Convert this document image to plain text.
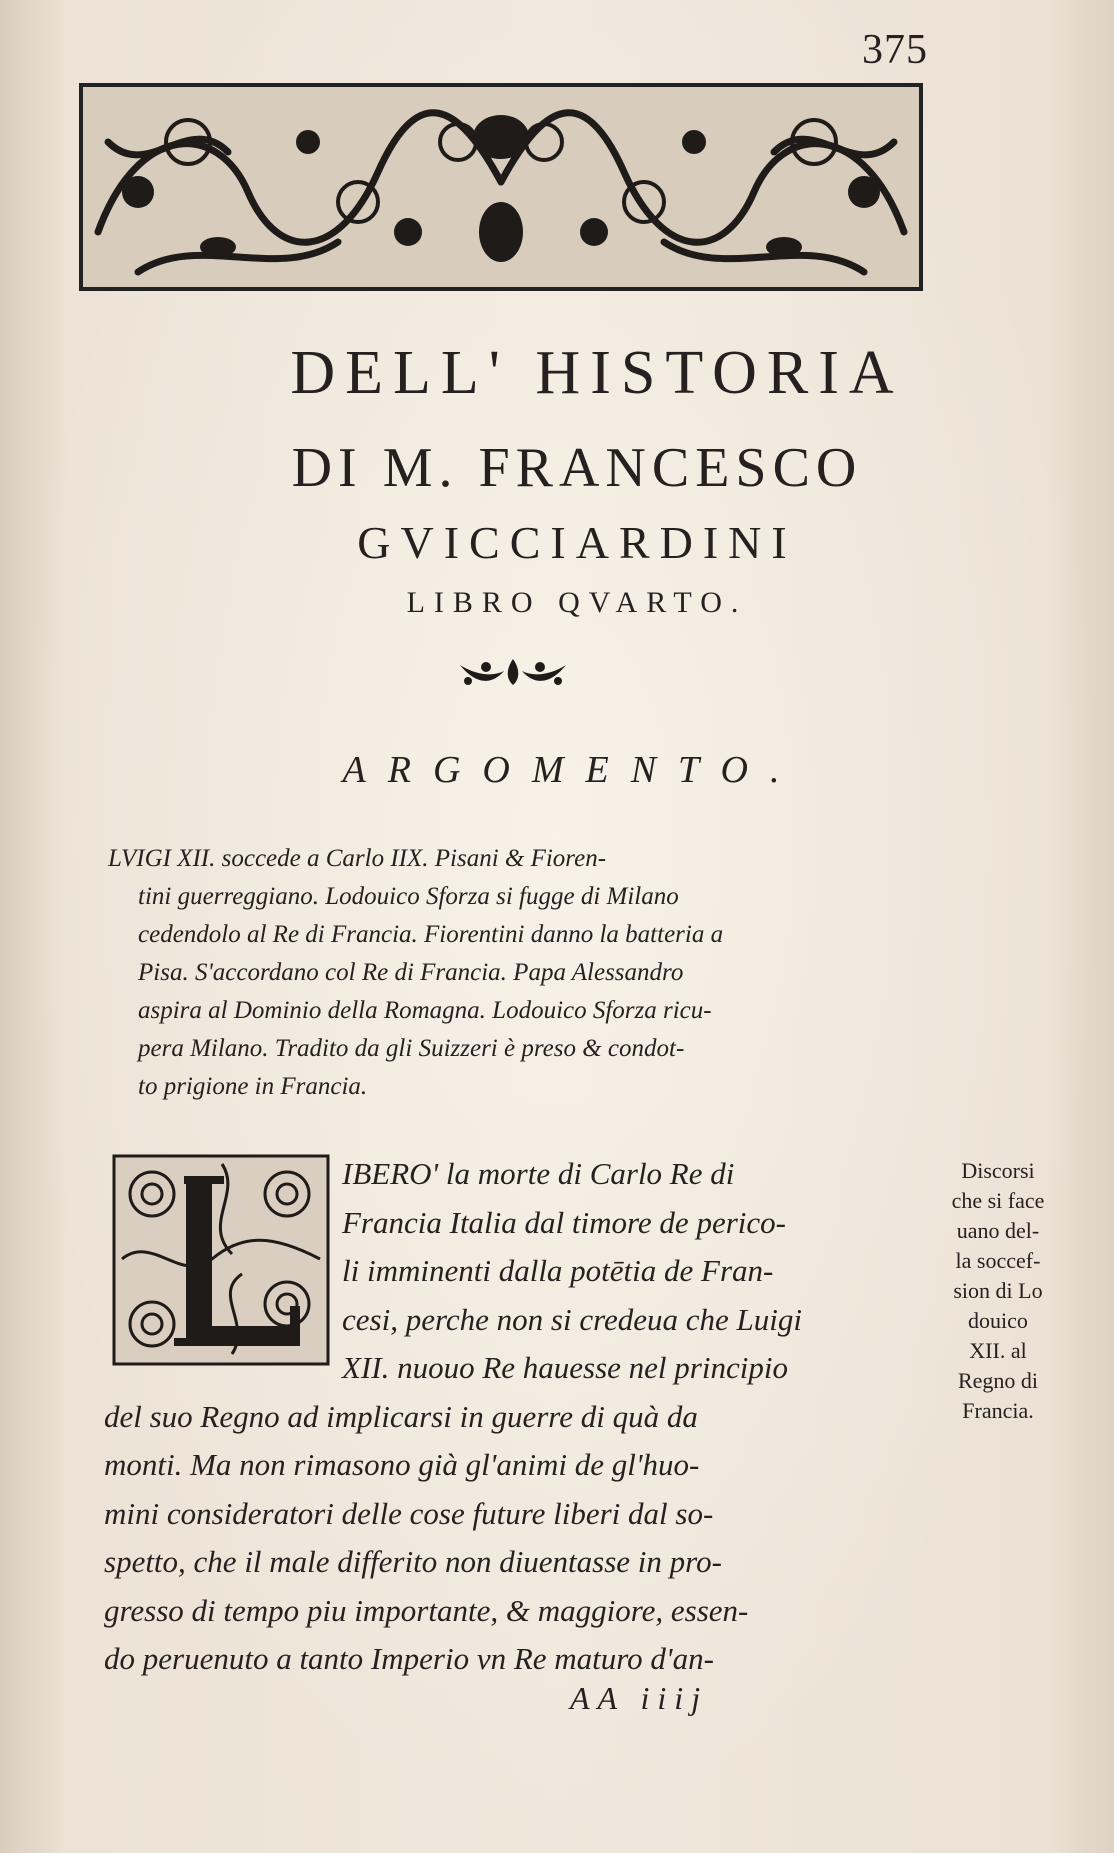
375
DELL' HISTORIA
DI M. FRANCESCO
GVICCIARDINI
LIBRO QVARTO.
ARGOMENTO.
LVIGI XII. soccede a Carlo IIX. Pisani & Fioren-
tini guerreggiano. Lodouico Sforza si fugge di Milano
cedendolo al Re di Francia. Fiorentini danno la batteria a
Pisa. S'accordano col Re di Francia. Papa Alessandro
aspira al Dominio della Romagna. Lodouico Sforza ricu-
pera Milano. Tradito da gli Suizzeri è preso & condot-
to prigione in Francia.
IBERO' la morte di Carlo Re di
Francia Italia dal timore de perico-
li imminenti dalla potētia de Fran-
cesi, perche non si credeua che Luigi
XII. nuouo Re hauesse nel principio
del suo Regno ad implicarsi in guerre di quà da
monti. Ma non rimasono già gl'animi de gl'huo-
mini consideratori delle cose future liberi dal so-
spetto, che il male differito non diuentasse in pro-
gresso di tempo piu importante, & maggiore, essen-
do peruenuto a tanto Imperio vn Re maturo d'an-
Discorsi
che si face
uano del-
la soccef-
sion di Lo
douico
XII. al
Regno di
Francia.
AA iiij
